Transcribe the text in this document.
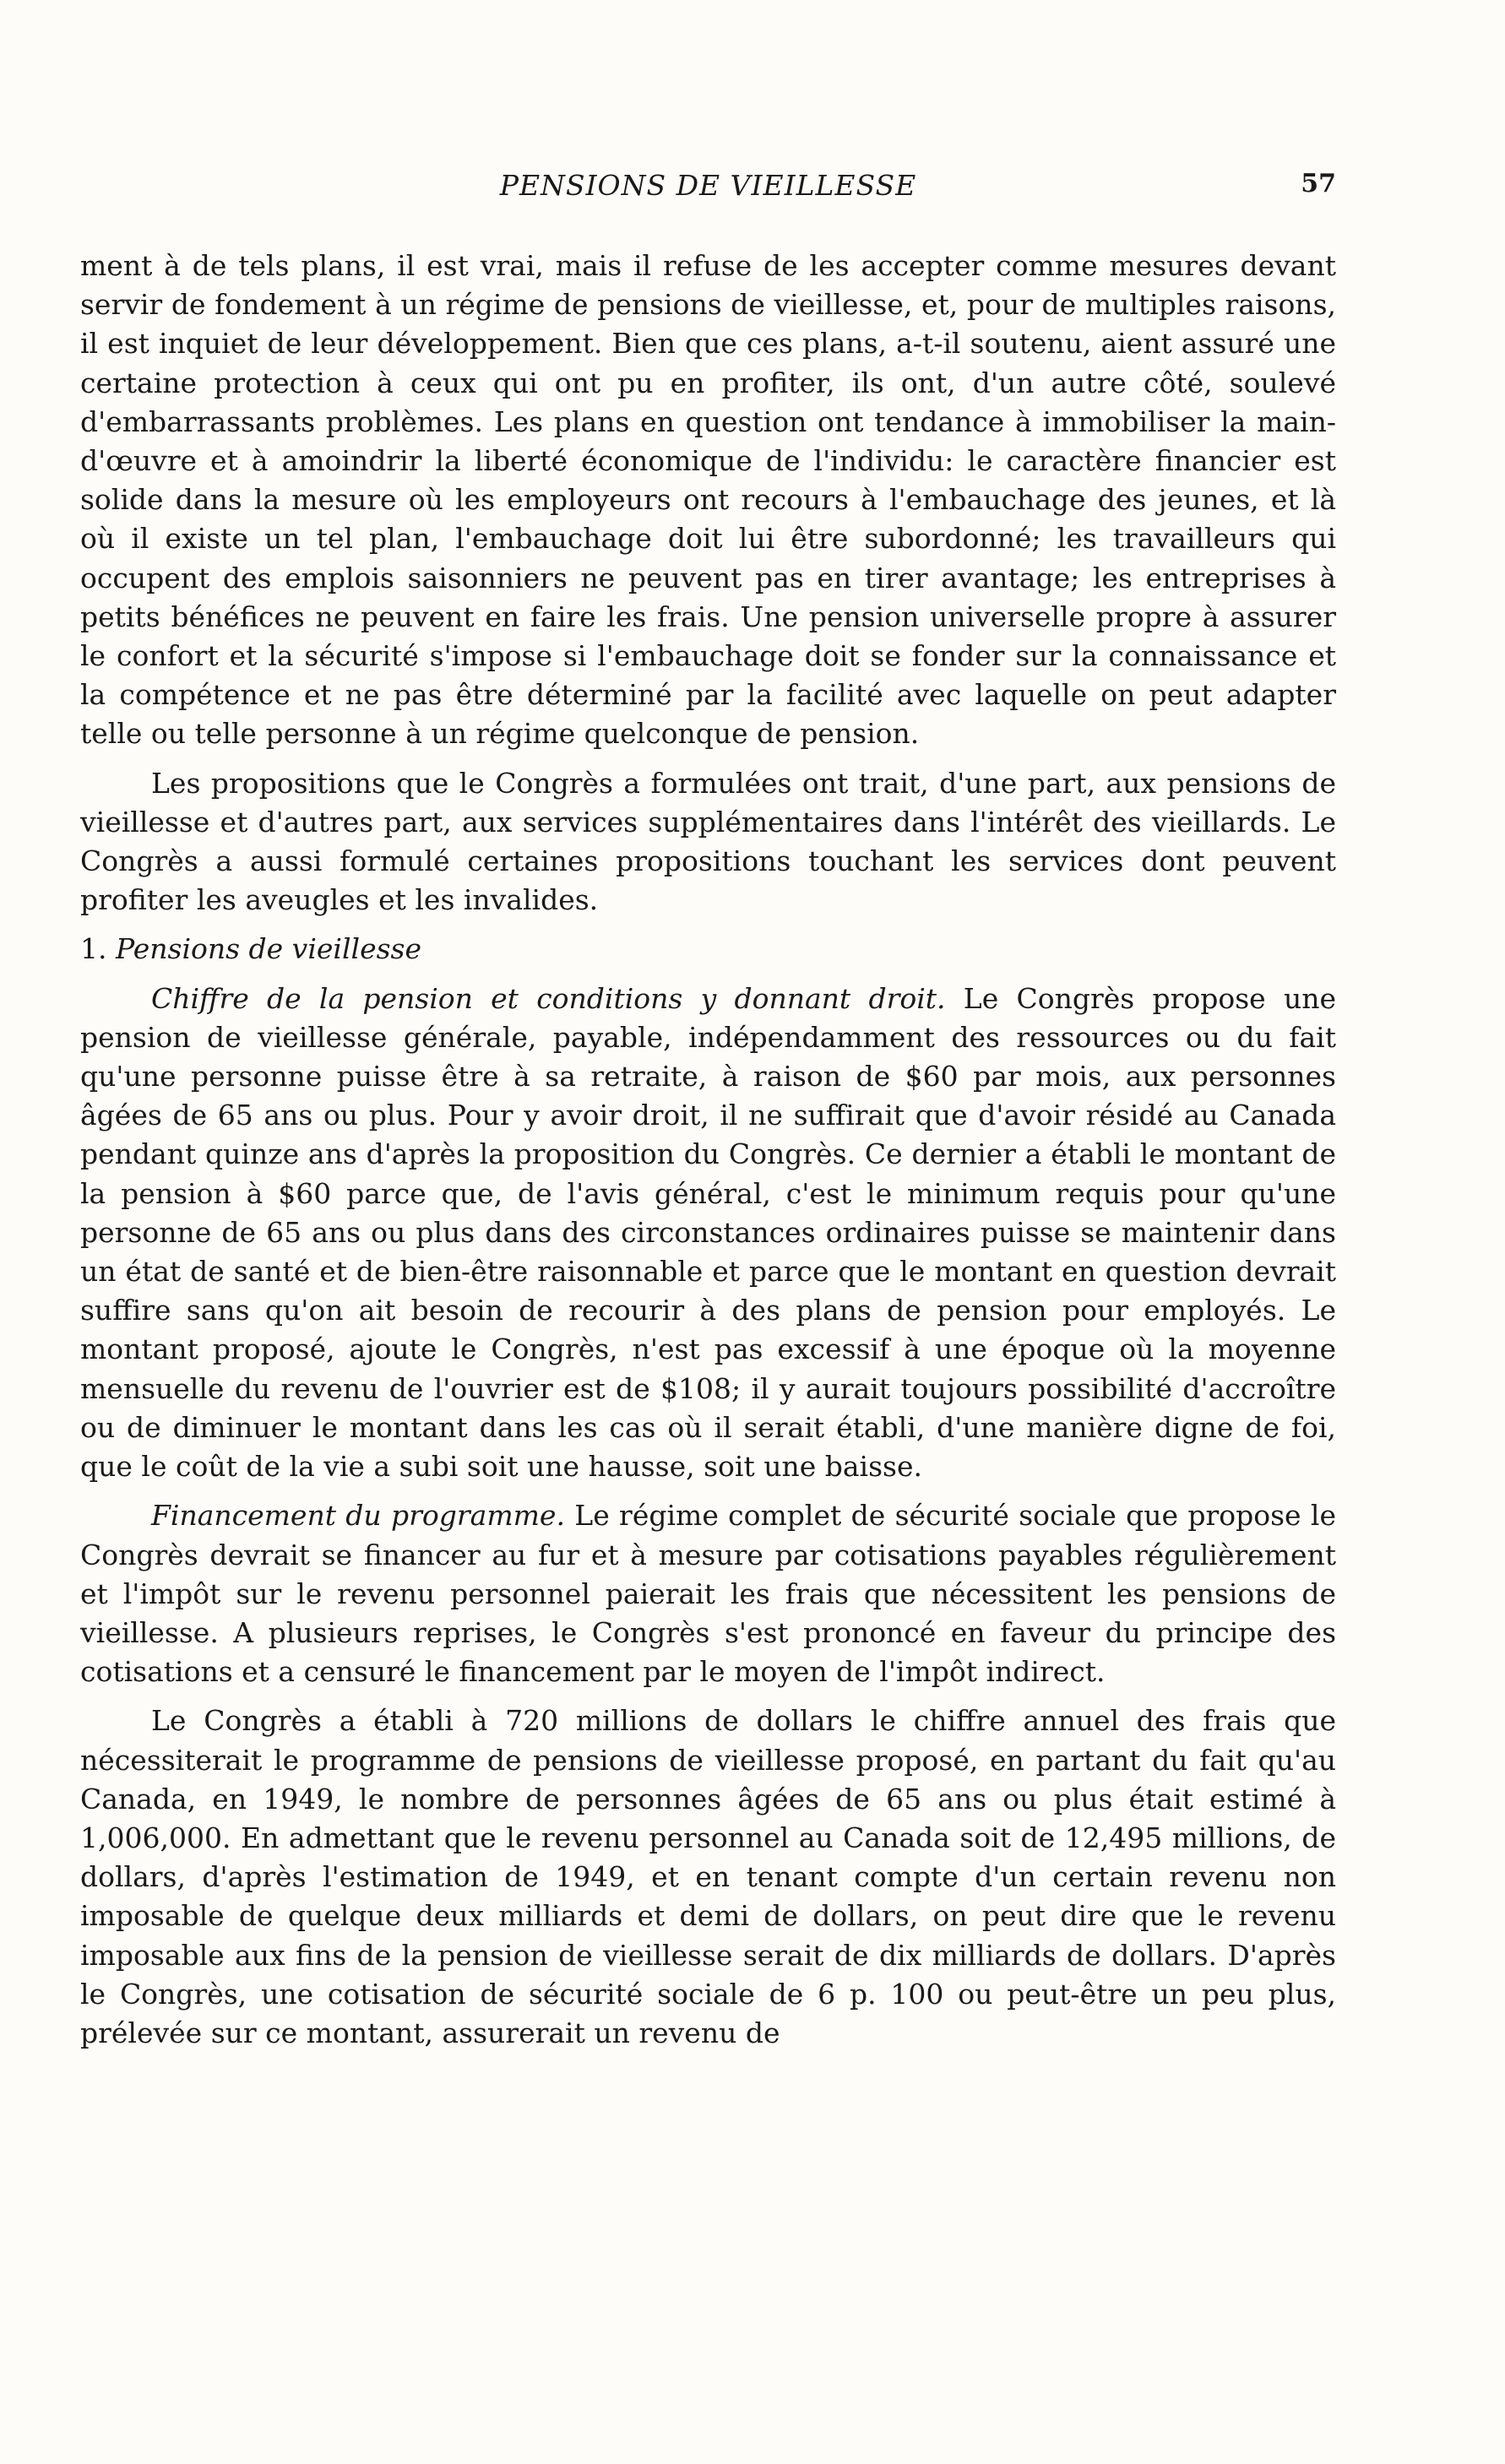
PENSIONS DE VIEILLESSE	57

ment à de tels plans, il est vrai, mais il refuse de les accepter comme mesures devant servir de fondement à un régime de pensions de vieillesse, et, pour de multiples raisons, il est inquiet de leur développement. Bien que ces plans, a-t-il soutenu, aient assuré une certaine protection à ceux qui ont pu en profiter, ils ont, d'un autre côté, soulevé d'embarrassants problèmes. Les plans en question ont tendance à immobiliser la main-d'œuvre et à amoindrir la liberté économique de l'individu: le caractère financier est solide dans la mesure où les employeurs ont recours à l'embauchage des jeunes, et là où il existe un tel plan, l'embauchage doit lui être subordonné; les travailleurs qui occupent des emplois saisonniers ne peuvent pas en tirer avantage; les entreprises à petits bénéfices ne peuvent en faire les frais. Une pension universelle propre à assurer le confort et la sécurité s'impose si l'embauchage doit se fonder sur la connaissance et la compétence et ne pas être déterminé par la facilité avec laquelle on peut adapter telle ou telle personne à un régime quelconque de pension.

Les propositions que le Congrès a formulées ont trait, d'une part, aux pensions de vieillesse et d'autres part, aux services supplémentaires dans l'intérêt des vieillards. Le Congrès a aussi formulé certaines propositions touchant les services dont peuvent profiter les aveugles et les invalides.

1. Pensions de vieillesse

Chiffre de la pension et conditions y donnant droit. Le Congrès propose une pension de vieillesse générale, payable, indépendamment des ressources ou du fait qu'une personne puisse être à sa retraite, à raison de $60 par mois, aux personnes âgées de 65 ans ou plus. Pour y avoir droit, il ne suffirait que d'avoir résidé au Canada pendant quinze ans d'après la proposition du Congrès. Ce dernier a établi le montant de la pension à $60 parce que, de l'avis général, c'est le minimum requis pour qu'une personne de 65 ans ou plus dans des circonstances ordinaires puisse se maintenir dans un état de santé et de bien-être raisonnable et parce que le montant en question devrait suffire sans qu'on ait besoin de recourir à des plans de pension pour employés. Le montant proposé, ajoute le Congrès, n'est pas excessif à une époque où la moyenne mensuelle du revenu de l'ouvrier est de $108; il y aurait toujours possibilité d'accroître ou de diminuer le montant dans les cas où il serait établi, d'une manière digne de foi, que le coût de la vie a subi soit une hausse, soit une baisse.

Financement du programme. Le régime complet de sécurité sociale que propose le Congrès devrait se financer au fur et à mesure par cotisations payables régulièrement et l'impôt sur le revenu personnel paierait les frais que nécessitent les pensions de vieillesse. A plusieurs reprises, le Congrès s'est prononcé en faveur du principe des cotisations et a censuré le financement par le moyen de l'impôt indirect.

Le Congrès a établi à 720 millions de dollars le chiffre annuel des frais que nécessiterait le programme de pensions de vieillesse proposé, en partant du fait qu'au Canada, en 1949, le nombre de personnes âgées de 65 ans ou plus était estimé à 1,006,000. En admettant que le revenu personnel au Canada soit de 12,495 millions, de dollars, d'après l'estimation de 1949, et en tenant compte d'un certain revenu non imposable de quelque deux milliards et demi de dollars, on peut dire que le revenu imposable aux fins de la pension de vieillesse serait de dix milliards de dollars. D'après le Congrès, une cotisation de sécurité sociale de 6 p. 100 ou peut-être un peu plus, prélevée sur ce montant, assurerait un revenu de
